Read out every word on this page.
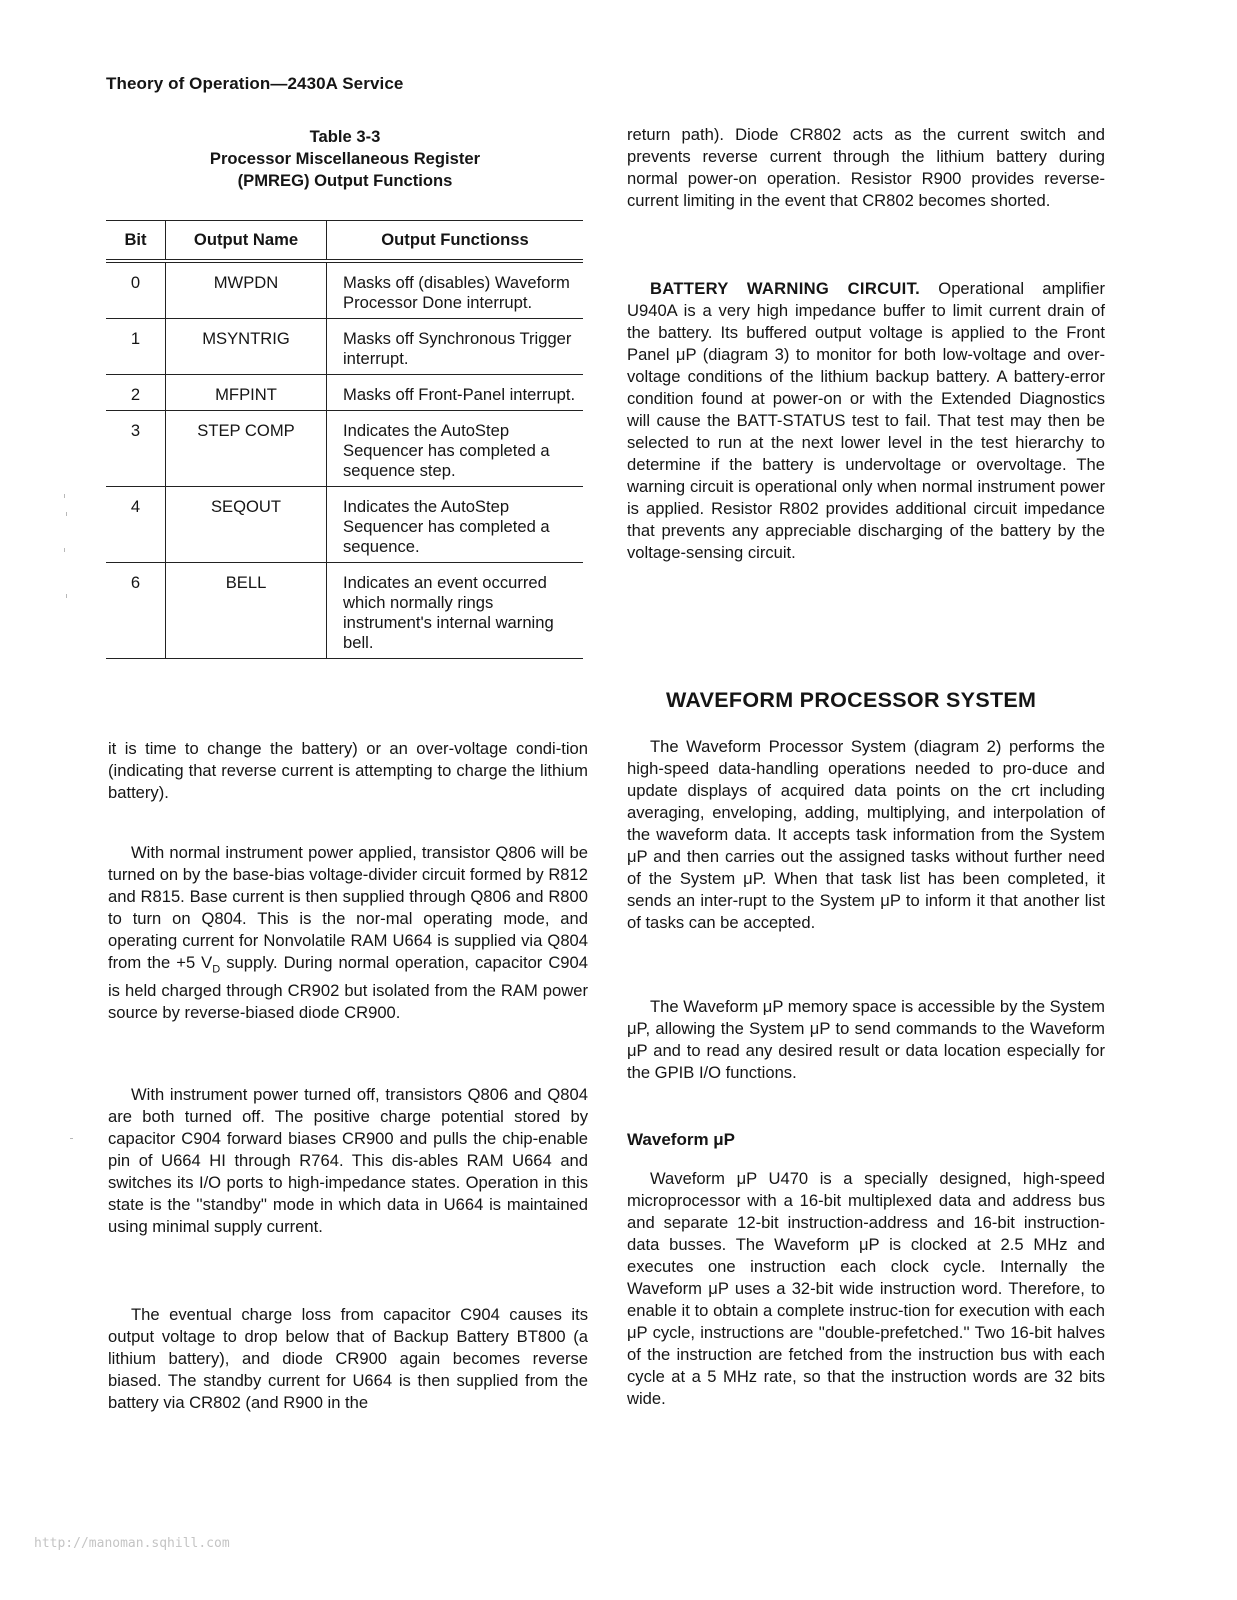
Theory of Operation—2430A Service
Table 3-3
Processor Miscellaneous Register
(PMREG) Output Functions
Bit	Output Name	Output Functionss
0	MWPDN	Masks off (disables) Waveform Processor Done interrupt.
1	MSYNTRIG	Masks off Synchronous Trigger interrupt.
2	MFPINT	Masks off Front-Panel interrupt.
3	STEP COMP	Indicates the AutoStep Sequencer has completed a sequence step.
4	SEQOUT	Indicates the AutoStep Sequencer has completed a sequence.
6	BELL	Indicates an event occurred which normally rings instrument's internal warning bell.

it is time to change the battery) or an over-voltage condi-tion (indicating that reverse current is attempting to charge the lithium battery).

With normal instrument power applied, transistor Q806 will be turned on by the base-bias voltage-divider circuit formed by R812 and R815. Base current is then supplied through Q806 and R800 to turn on Q804. This is the nor-mal operating mode, and operating current for Nonvolatile RAM U664 is supplied via Q804 from the +5 $V_D$ supply. During normal operation, capacitor C904 is held charged through CR902 but isolated from the RAM power source by reverse-biased diode CR900.

With instrument power turned off, transistors Q806 and Q804 are both turned off. The positive charge potential stored by capacitor C904 forward biases CR900 and pulls the chip-enable pin of U664 HI through R764. This dis-ables RAM U664 and switches its I/O ports to high-impedance states. Operation in this state is the ''standby'' mode in which data in U664 is maintained using minimal supply current.

The eventual charge loss from capacitor C904 causes its output voltage to drop below that of Backup Battery BT800 (a lithium battery), and diode CR900 again becomes reverse biased. The standby current for U664 is then supplied from the battery via CR802 (and R900 in the

return path). Diode CR802 acts as the current switch and prevents reverse current through the lithium battery during normal power-on operation. Resistor R900 provides reverse-current limiting in the event that CR802 becomes shorted.

BATTERY WARNING CIRCUIT. Operational amplifier U940A is a very high impedance buffer to limit current drain of the battery. Its buffered output voltage is applied to the Front Panel μP (diagram 3) to monitor for both low-voltage and over-voltage conditions of the lithium backup battery. A battery-error condition found at power-on or with the Extended Diagnostics will cause the BATT-STATUS test to fail. That test may then be selected to run at the next lower level in the test hierarchy to determine if the battery is undervoltage or overvoltage. The warning circuit is operational only when normal instrument power is applied. Resistor R802 provides additional circuit impedance that prevents any appreciable discharging of the battery by the voltage-sensing circuit.

WAVEFORM PROCESSOR SYSTEM

The Waveform Processor System (diagram 2) performs the high-speed data-handling operations needed to pro-duce and update displays of acquired data points on the crt including averaging, enveloping, adding, multiplying, and interpolation of the waveform data. It accepts task information from the System μP and then carries out the assigned tasks without further need of the System μP. When that task list has been completed, it sends an inter-rupt to the System μP to inform it that another list of tasks can be accepted.

The Waveform μP memory space is accessible by the System μP, allowing the System μP to send commands to the Waveform μP and to read any desired result or data location especially for the GPIB I/O functions.

Waveform μP

Waveform μP U470 is a specially designed, high-speed microprocessor with a 16-bit multiplexed data and address bus and separate 12-bit instruction-address and 16-bit instruction-data busses. The Waveform μP is clocked at 2.5 MHz and executes one instruction each clock cycle. Internally the Waveform μP uses a 32-bit wide instruction word. Therefore, to enable it to obtain a complete instruc-tion for execution with each μP cycle, instructions are ''double-prefetched.'' Two 16-bit halves of the instruction are fetched from the instruction bus with each cycle at a 5 MHz rate, so that the instruction words are 32 bits wide.

http://manoman.sqhill.com
